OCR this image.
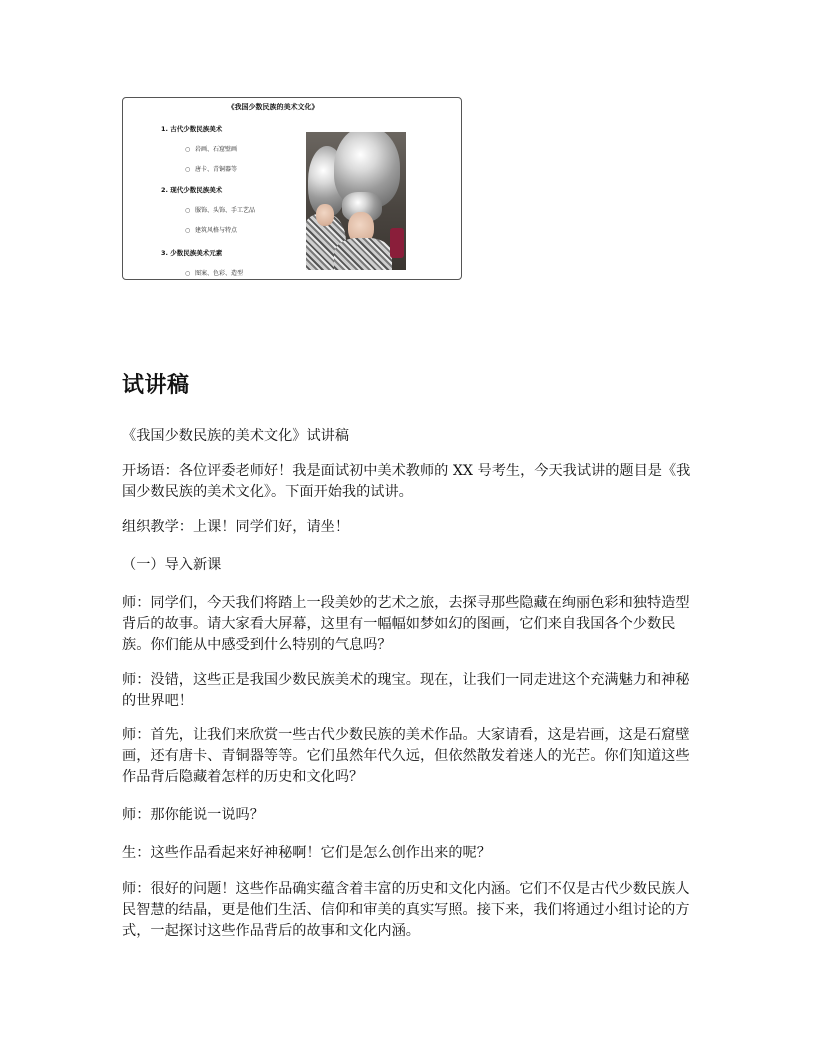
《我国少数民族的美术文化》
1. 古代少数民族美术
○ 岩画、石窟壁画
○ 唐卡、青铜器等
2. 现代少数民族美术
○ 服饰、头饰、手工艺品
○ 建筑风格与特点
3. 少数民族美术元素
○ 图案、色彩、造型
试讲稿

《我国少数民族的美术文化》试讲稿

开场语：各位评委老师好！我是面试初中美术教师的 XX 号考生，今天我试讲的题目是《我国少数民族的美术文化》。下面开始我的试讲。

组织教学：上课！同学们好，请坐！

（一）导入新课

师：同学们，今天我们将踏上一段美妙的艺术之旅，去探寻那些隐藏在绚丽色彩和独特造型背后的故事。请大家看大屏幕，这里有一幅幅如梦如幻的图画，它们来自我国各个少数民族。你们能从中感受到什么特别的气息吗？

师：没错，这些正是我国少数民族美术的瑰宝。现在，让我们一同走进这个充满魅力和神秘的世界吧！

师：首先，让我们来欣赏一些古代少数民族的美术作品。大家请看，这是岩画，这是石窟壁画，还有唐卡、青铜器等等。它们虽然年代久远，但依然散发着迷人的光芒。你们知道这些作品背后隐藏着怎样的历史和文化吗？

师：那你能说一说吗？

生：这些作品看起来好神秘啊！它们是怎么创作出来的呢？

师：很好的问题！这些作品确实蕴含着丰富的历史和文化内涵。它们不仅是古代少数民族人民智慧的结晶，更是他们生活、信仰和审美的真实写照。接下来，我们将通过小组讨论的方式，一起探讨这些作品背后的故事和文化内涵。
